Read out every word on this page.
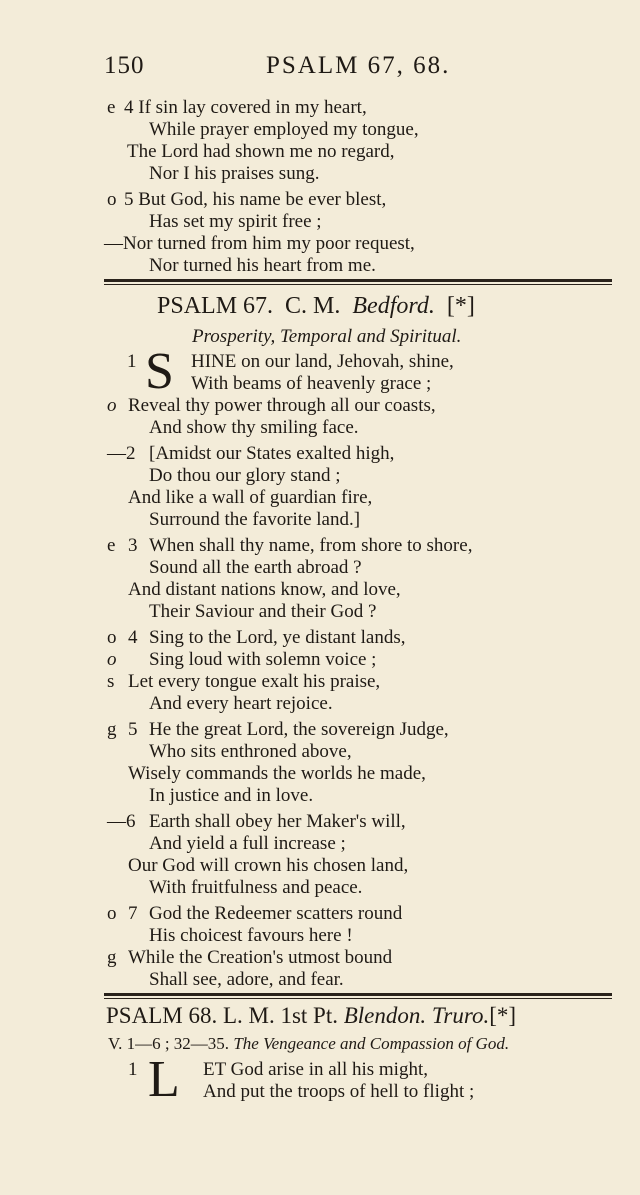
150	PSALM 67, 68.
e 4 If sin lay covered in my heart,
While prayer employed my tongue,
The Lord had shown me no regard,
Nor I his praises sung.
o 5 But God, his name be ever blest,
Has set my spirit free ;
—Nor turned from him my poor request,
Nor turned his heart from me.
PSALM 67. C. M. Bedford. [*]
Prosperity, Temporal and Spiritual.
1 S HINE on our land, Jehovah, shine,
With beams of heavenly grace ;
o Reveal thy power through all our coasts,
And show thy smiling face.
—2 [Amidst our States exalted high,
Do thou our glory stand ;
And like a wall of guardian fire,
Surround the favorite land.]
e 3 When shall thy name, from shore to shore,
Sound all the earth abroad ?
And distant nations know, and love,
Their Saviour and their God ?
o 4 Sing to the Lord, ye distant lands,
o Sing loud with solemn voice ;
s Let every tongue exalt his praise,
And every heart rejoice.
g 5 He the great Lord, the sovereign Judge,
Who sits enthroned above,
Wisely commands the worlds he made,
In justice and in love.
—6 Earth shall obey her Maker's will,
And yield a full increase ;
Our God will crown his chosen land,
With fruitfulness and peace.
o 7 God the Redeemer scatters round
His choicest favours here !
g While the Creation's utmost bound
Shall see, adore, and fear.
PSALM 68. L. M. 1st Pt. Blendon. Truro.[*]
V. 1—6 ; 32—35. The Vengeance and Compassion of God.
1 L ET God arise in all his might,
And put the troops of hell to flight ;
